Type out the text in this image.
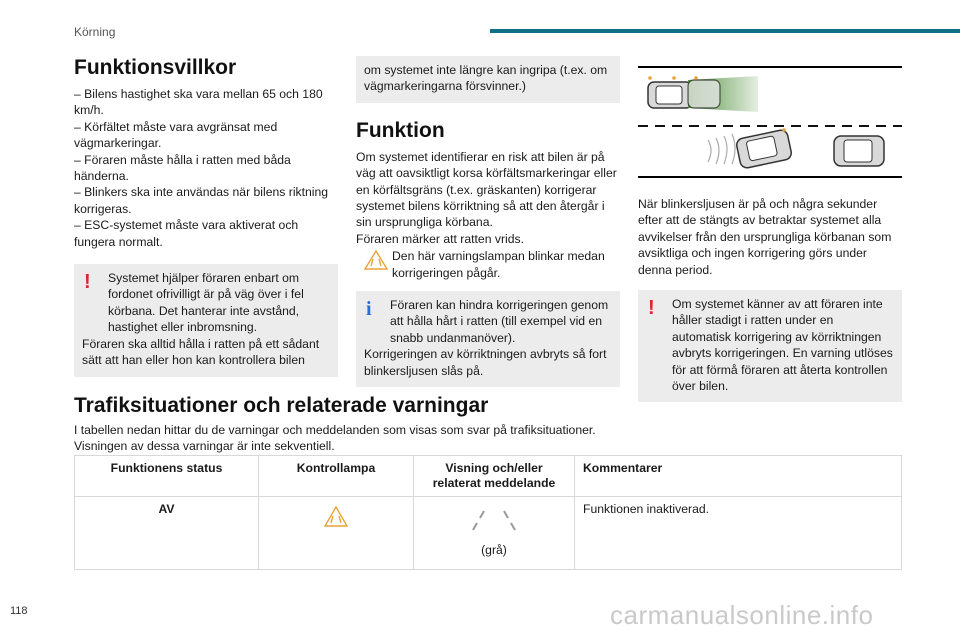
Körning
Funktionsvillkor

– Bilens hastighet ska vara mellan 65 och 180 km/h.

– Körfältet måste vara avgränsat med vägmarkeringar.

– Föraren måste hålla i ratten med båda händerna.

– Blinkers ska inte användas när bilens riktning korrigeras.

– ESC-systemet måste vara aktiverat och fungera normalt.

!	Systemet hjälper föraren enbart om fordonet ofrivilligt är på väg över i fel körbana. Det hanterar inte avstånd, hastighet eller inbromsning.

Föraren ska alltid hålla i ratten på ett sådant sätt att han eller hon kan kontrollera bilen

om systemet inte längre kan ingripa (t.ex. om vägmarkeringarna försvinner.)

Funktion

Om systemet identifierar en risk att bilen är på väg att oavsiktligt korsa körfältsmarkeringar eller en körfältsgräns (t.ex. gräskanten) korrigerar systemet bilens körriktning så att den återgår i sin ursprungliga körbana.

Föraren märker att ratten vrids.

Den här varningslampan blinkar medan korrigeringen pågår.

i	Föraren kan hindra korrigeringen genom att hålla hårt i ratten (till exempel vid en snabb undanmanöver).

Korrigeringen av körriktningen avbryts så fort blinkersljusen slås på.

När blinkersljusen är på och några sekunder efter att de stängts av betraktar systemet alla avvikelser från den ursprungliga körbanan som avsiktliga och ingen korrigering görs under denna period.

!	Om systemet känner av att föraren inte håller stadigt i ratten under en automatisk korrigering av körriktningen avbryts korrigeringen. En varning utlöses för att förmå föraren att återta kontrollen över bilen.

Trafiksituationer och relaterade varningar

I tabellen nedan hittar du de varningar och meddelanden som visas som svar på trafiksituationer.

Visningen av dessa varningar är inte sekventiell.

Funktionens status	Kontrollampa	Visning och/eller relaterat meddelande	Kommentarer
AV		(grå)	Funktionen inaktiverad.
118	carmanualsonline.info
